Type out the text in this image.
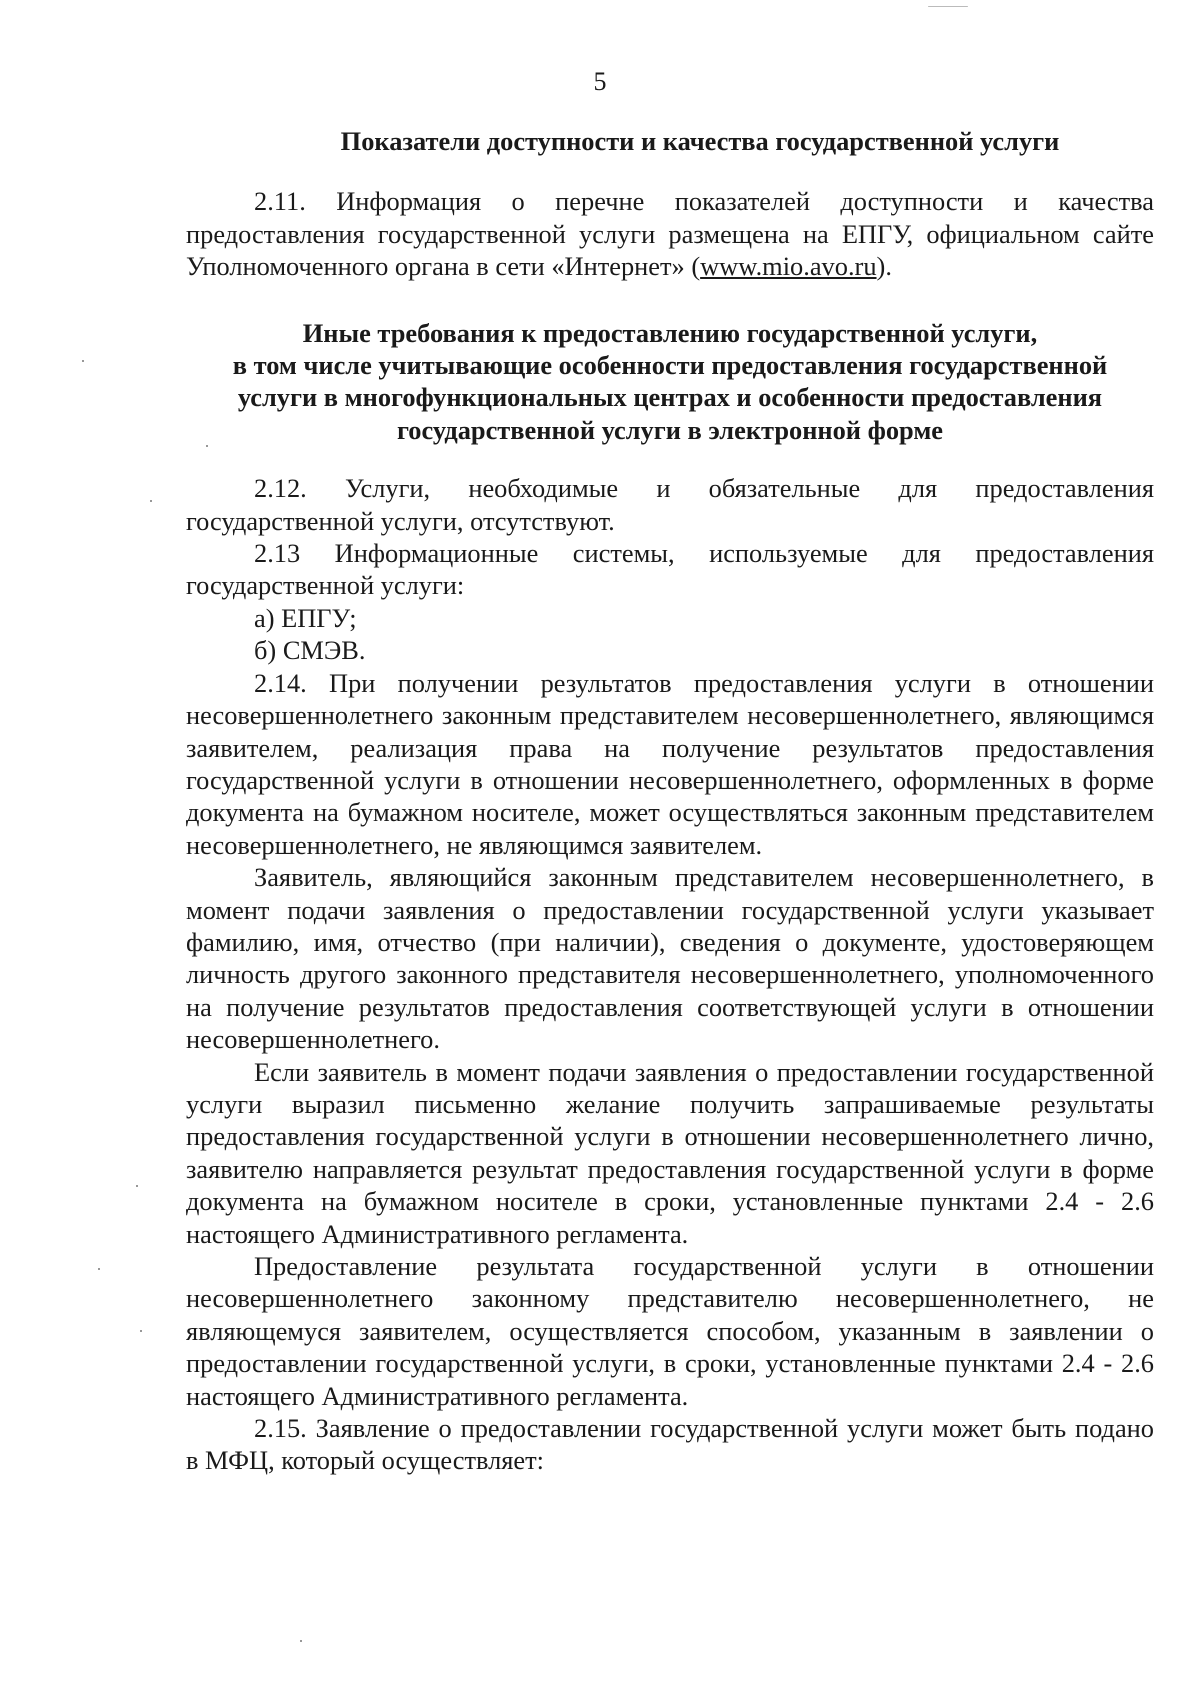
5

Показатели доступности и качества государственной услуги

2.11. Информация о перечне показателей доступности и качества предоставления государственной услуги размещена на ЕПГУ, официальном сайте Уполномоченного органа в сети «Интернет» (www.mio.avo.ru).

Иные требования к предоставлению государственной услуги,
в том числе учитывающие особенности предоставления государственной
услуги в многофункциональных центрах и особенности предоставления
государственной услуги в электронной форме

2.12. Услуги, необходимые и обязательные для предоставления государственной услуги, отсутствуют.

2.13 Информационные системы, используемые для предоставления государственной услуги:

а) ЕПГУ;

б) СМЭВ.

2.14. При получении результатов предоставления услуги в отношении несовершеннолетнего законным представителем несовершеннолетнего, являющимся заявителем, реализация права на получение результатов предоставления государственной услуги в отношении несовершеннолетнего, оформленных в форме документа на бумажном носителе, может осуществляться законным представителем несовершеннолетнего, не являющимся заявителем.

Заявитель, являющийся законным представителем несовершеннолетнего, в момент подачи заявления о предоставлении государственной услуги указывает фамилию, имя, отчество (при наличии), сведения о документе, удостоверяющем личность другого законного представителя несовершеннолетнего, уполномоченного на получение результатов предоставления соответствующей услуги в отношении несовершеннолетнего.

Если заявитель в момент подачи заявления о предоставлении государственной услуги выразил письменно желание получить запрашиваемые результаты предоставления государственной услуги в отношении несовершеннолетнего лично, заявителю направляется результат предоставления государственной услуги в форме документа на бумажном носителе в сроки, установленные пунктами 2.4 - 2.6 настоящего Административного регламента.

Предоставление результата государственной услуги в отношении несовершеннолетнего законному представителю несовершеннолетнего, не являющемуся заявителем, осуществляется способом, указанным в заявлении о предоставлении государственной услуги, в сроки, установленные пунктами 2.4 - 2.6 настоящего Административного регламента.

2.15. Заявление о предоставлении государственной услуги может быть подано в МФЦ, который осуществляет:
